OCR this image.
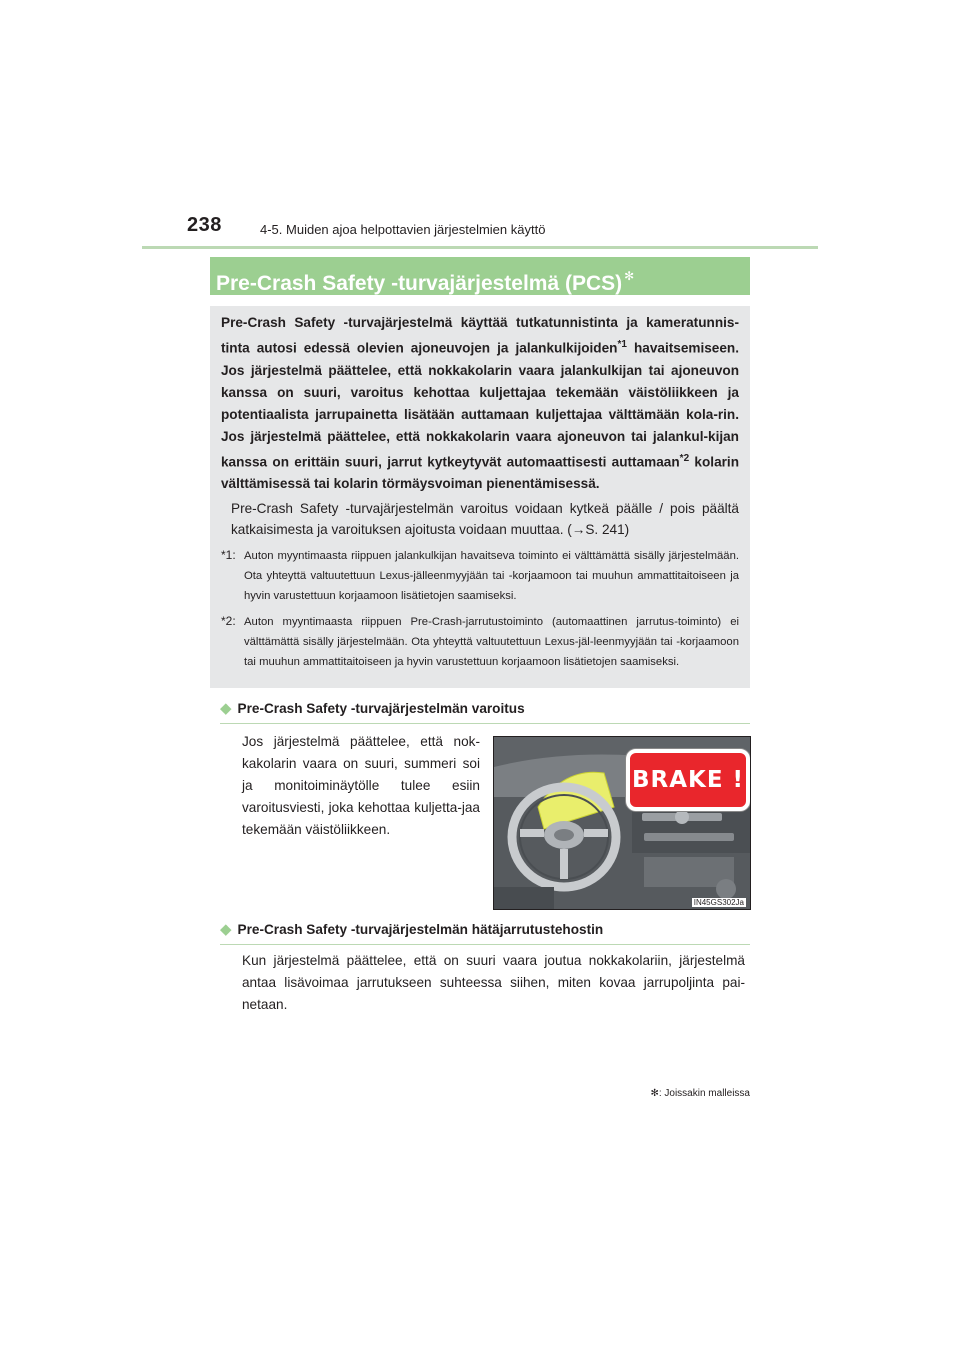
238	4-5. Muiden ajoa helpottavien järjestelmien käyttö
Pre-Crash Safety -turvajärjestelmä (PCS) ✻

Pre-Crash Safety -turvajärjestelmä käyttää tutkatunnistinta ja kameratunnis-tinta autosi edessä olevien ajoneuvojen ja jalankulkijoiden$^{*1}$ havaitsemiseen. Jos järjestelmä päättelee, että nokkakolarin vaara jalankulkijan tai ajoneuvon kanssa on suuri, varoitus kehottaa kuljettajaa tekemään väistöliikkeen ja potentiaalista jarrupainetta lisätään auttamaan kuljettajaa välttämään kola-rin. Jos järjestelmä päättelee, että nokkakolarin vaara ajoneuvon tai jalankul-kijan kanssa on erittäin suuri, jarrut kytkeytyvät automaattisesti auttamaan$^{*2}$ kolarin välttämisessä tai kolarin törmäysvoiman pienentämisessä.

Pre-Crash Safety -turvajärjestelmän varoitus voidaan kytkeä päälle / pois päältä katkaisimesta ja varoituksen ajoitusta voidaan muuttaa. (→S. 241)

*1: Auton myyntimaasta riippuen jalankulkijan havaitseva toiminto ei välttämättä sisälly järjestelmään. Ota yhteyttä valtuutettuun Lexus-jälleenmyyjään tai -korjaamoon tai muuhun ammattitaitoiseen ja hyvin varustettuun korjaamoon lisätietojen saamiseksi.
*2: Auton myyntimaasta riippuen Pre-Crash-jarrutustoiminto (automaattinen jarrutus-toiminto) ei välttämättä sisälly järjestelmään. Ota yhteyttä valtuutettuun Lexus-jäl-leenmyyjään tai -korjaamoon tai muuhun ammattitaitoiseen ja hyvin varustettuun korjaamoon lisätietojen saamiseksi.
◆ Pre-Crash Safety -turvajärjestelmän varoitus
Jos järjestelmä päättelee, että nok-kakolarin vaara on suuri, summeri soi ja monitoiminäytölle tulee esiin varoitusviesti, joka kehottaa kuljetta-jaa tekemään väistöliikkeen.
BRAKE !
IN45GS302Ja
◆ Pre-Crash Safety -turvajärjestelmän hätäjarrutustehostin
Kun järjestelmä päättelee, että on suuri vaara joutua nokkakolariin, järjestelmä antaa lisävoimaa jarrutukseen suhteessa siihen, miten kovaa jarrupoljinta pai-netaan.
✻: Joissakin malleissa
